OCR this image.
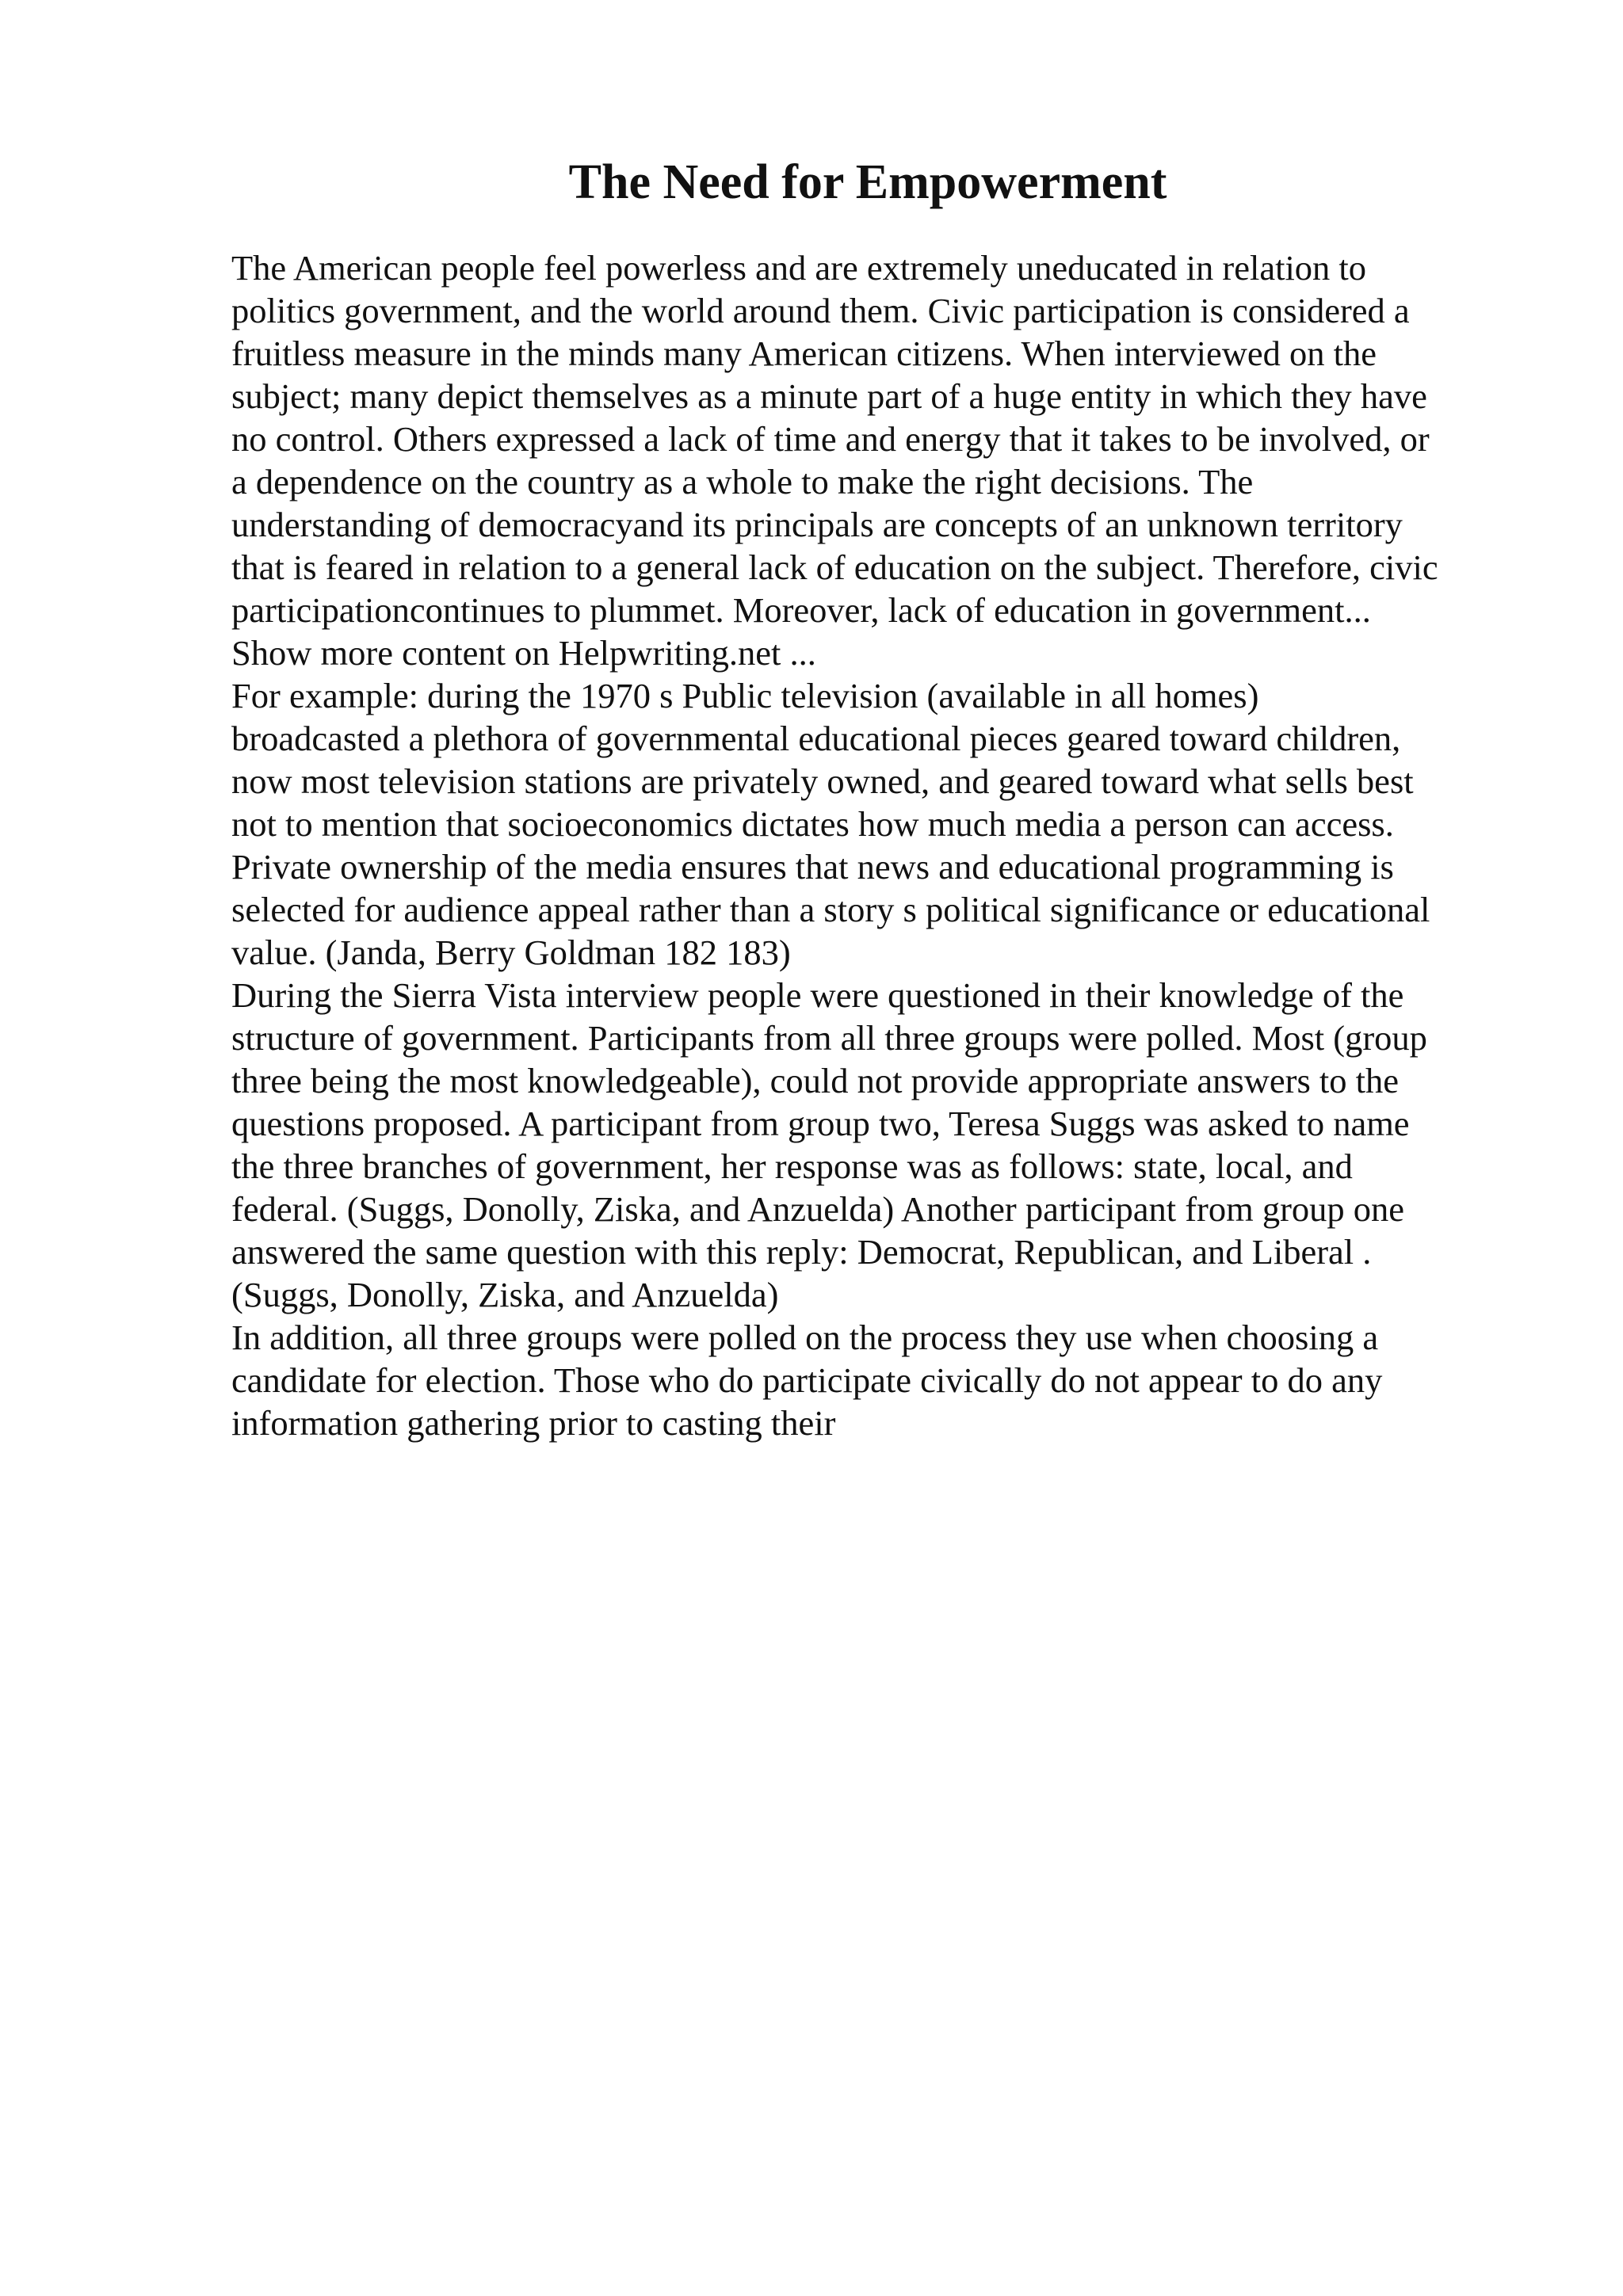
The Need for Empowerment
The American people feel powerless and are extremely uneducated in relation to
politics government, and the world around them. Civic participation is considered a
fruitless measure in the minds many American citizens. When interviewed on the
subject; many depict themselves as a minute part of a huge entity in which they have
no control. Others expressed a lack of time and energy that it takes to be involved, or
a dependence on the country as a whole to make the right decisions. The
understanding of democracyand its principals are concepts of an unknown territory
that is feared in relation to a general lack of education on the subject. Therefore, civic
participationcontinues to plummet. Moreover, lack of education in government...
Show more content on Helpwriting.net ...
For example: during the 1970 s Public television (available in all homes)
broadcasted a plethora of governmental educational pieces geared toward children,
now most television stations are privately owned, and geared toward what sells best
not to mention that socioeconomics dictates how much media a person can access.
Private ownership of the media ensures that news and educational programming is
selected for audience appeal rather than a story s political significance or educational
value. (Janda, Berry Goldman 182 183)
During the Sierra Vista interview people were questioned in their knowledge of the
structure of government. Participants from all three groups were polled. Most (group
three being the most knowledgeable), could not provide appropriate answers to the
questions proposed. A participant from group two, Teresa Suggs was asked to name
the three branches of government, her response was as follows: state, local, and
federal. (Suggs, Donolly, Ziska, and Anzuelda) Another participant from group one
answered the same question with this reply: Democrat, Republican, and Liberal .
(Suggs, Donolly, Ziska, and Anzuelda)
In addition, all three groups were polled on the process they use when choosing a
candidate for election. Those who do participate civically do not appear to do any
information gathering prior to casting their
